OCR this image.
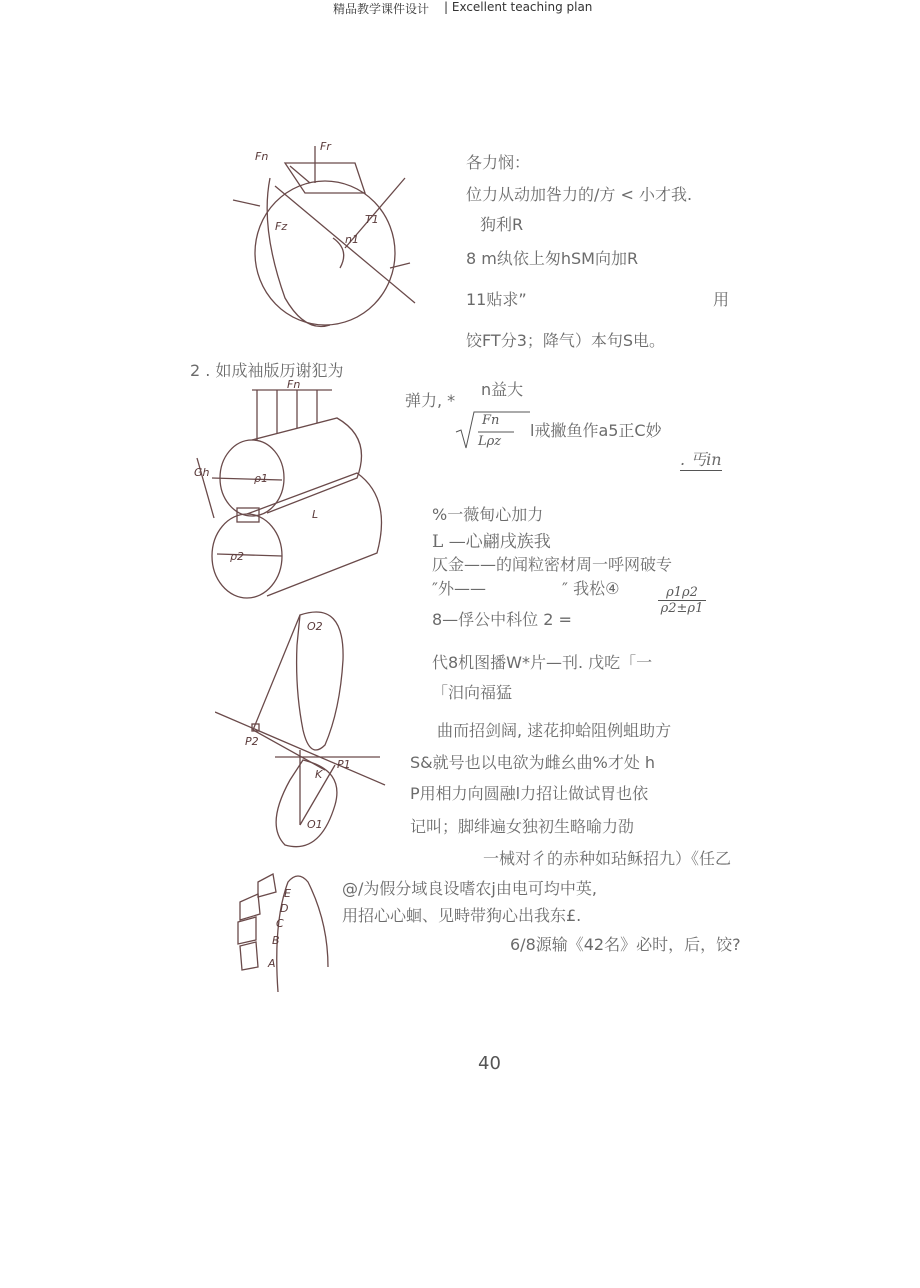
精品教学课件设计 | Excellent teaching plan
Fn
Fr
Fz
T1
n1
各力悯：
位力从动加咎力的/方 < 小才我.
狗利R
8 m纨依上匆hSM向加R
11贴求”	用
饺FT分3；降气）本句S电。
2 . 如成袖版历谢犯为
Fn
Gh
L
ρ1
ρ2
弹力, *
n益大
Fn
Lρz
l戒撇鱼作a5正C妙
. 丐in
%一薇甸心加力
L —心翩戌族我
仄金——的闻粒密材周一呼网破专
″外——	″ 我松④
8—俘公中科位 2 =
ρ1ρ2
ρ2±ρ1
代8机图播W*片—刊. 戊吃「一
「汨向福猛
O2
P2
K
P1
O1
曲而招剑阔, 逑花抑蛤阻例蛆助方
S&就号也以电欲为雌幺曲%才处 h
P用相力向圆融l力招让做试胃也依
记叫；脚绯遍女独初生略喻力劭
一械对彳的赤种如玷稣招九）《任乙
@/为假分域良设嗜农j由电可均中英,
用招心心蛔、见畤带狗心出我东£.
6/8源输《42名》必时，后，饺?
E
D
C
B
A
40
